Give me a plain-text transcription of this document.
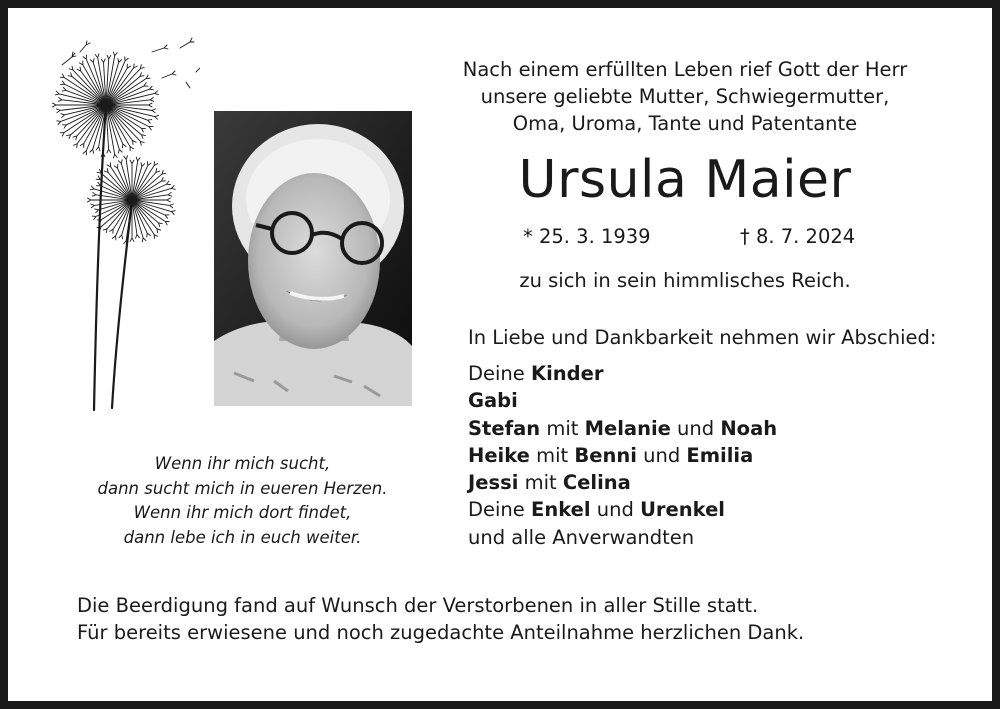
Nach einem erfüllten Leben rief Gott der Herr
unsere geliebte Mutter, Schwiegermutter,
Oma, Uroma, Tante und Patentante
Ursula Maier
* 25. 3. 1939	† 8. 7. 2024
zu sich in sein himmlisches Reich.
In Liebe und Dankbarkeit nehmen wir Abschied:
Deine Kinder
Gabi
Stefan mit Melanie und Noah
Heike mit Benni und Emilia
Jessi mit Celina
Deine Enkel und Urenkel
und alle Anverwandten
Wenn ihr mich sucht,
dann sucht mich in eueren Herzen.
Wenn ihr mich dort findet,
dann lebe ich in euch weiter.
Die Beerdigung fand auf Wunsch der Verstorbenen in aller Stille statt.
Für bereits erwiesene und noch zugedachte Anteilnahme herzlichen Dank.
